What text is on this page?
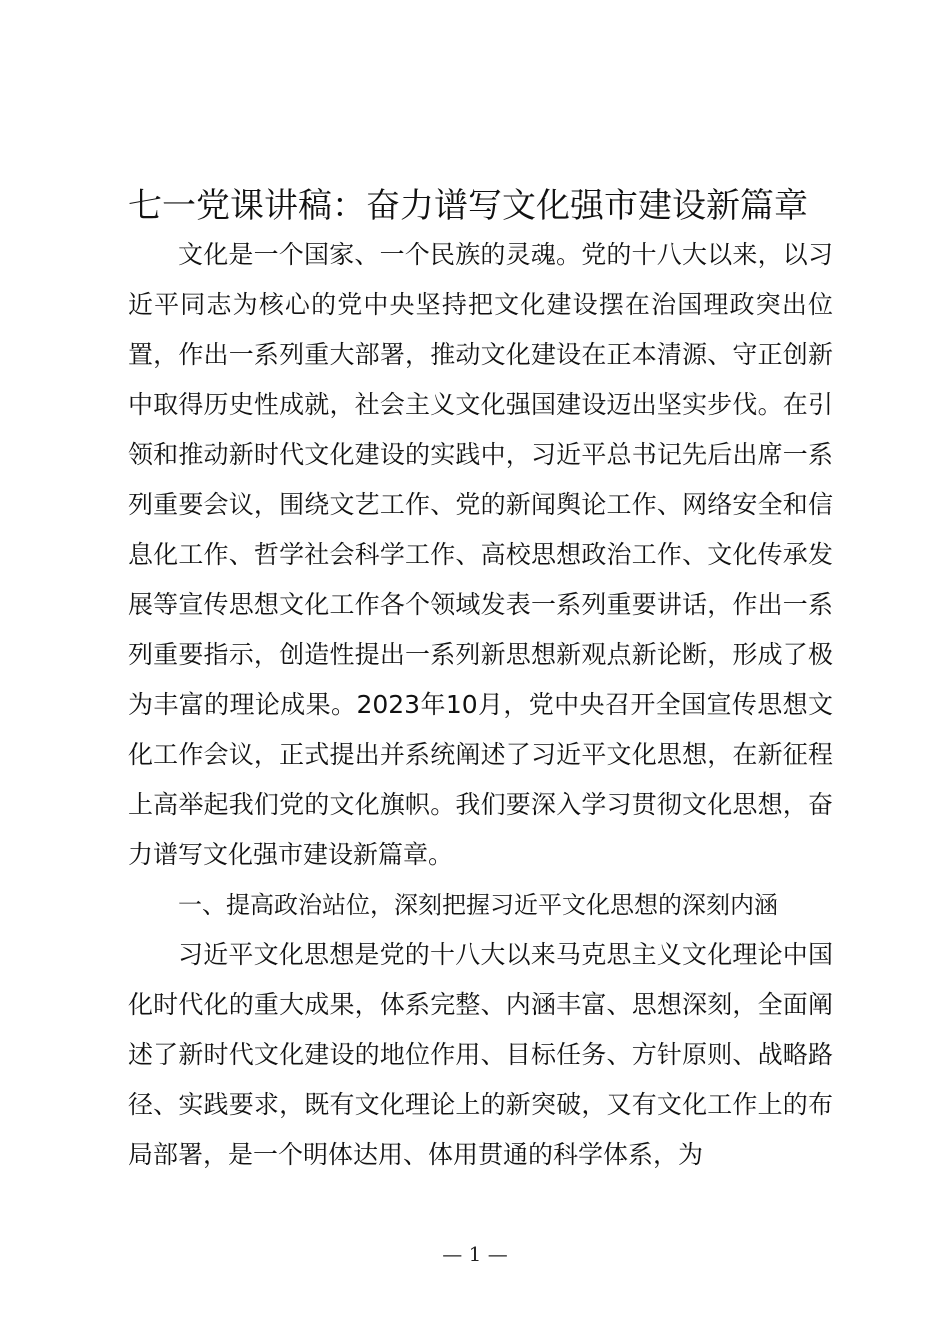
七一党课讲稿：奋力谱写文化强市建设新篇章

文化是一个国家、一个民族的灵魂。党的十八大以来，以习近平同志为核心的党中央坚持把文化建设摆在治国理政突出位置，作出一系列重大部署，推动文化建设在正本清源、守正创新中取得历史性成就，社会主义文化强国建设迈出坚实步伐。在引领和推动新时代文化建设的实践中，习近平总书记先后出席一系列重要会议，围绕文艺工作、党的新闻舆论工作、网络安全和信息化工作、哲学社会科学工作、高校思想政治工作、文化传承发展等宣传思想文化工作各个领域发表一系列重要讲话，作出一系列重要指示，创造性提出一系列新思想新观点新论断，形成了极为丰富的理论成果。2023年10月，党中央召开全国宣传思想文化工作会议，正式提出并系统阐述了习近平文化思想，在新征程上高举起我们党的文化旗帜。我们要深入学习贯彻文化思想，奋力谱写文化强市建设新篇章。

一、提高政治站位，深刻把握习近平文化思想的深刻内涵

习近平文化思想是党的十八大以来马克思主义文化理论中国化时代化的重大成果，体系完整、内涵丰富、思想深刻，全面阐述了新时代文化建设的地位作用、目标任务、方针原则、战略路径、实践要求，既有文化理论上的新突破，又有文化工作上的布局部署，是一个明体达用、体用贯通的科学体系，为

— 1 —
